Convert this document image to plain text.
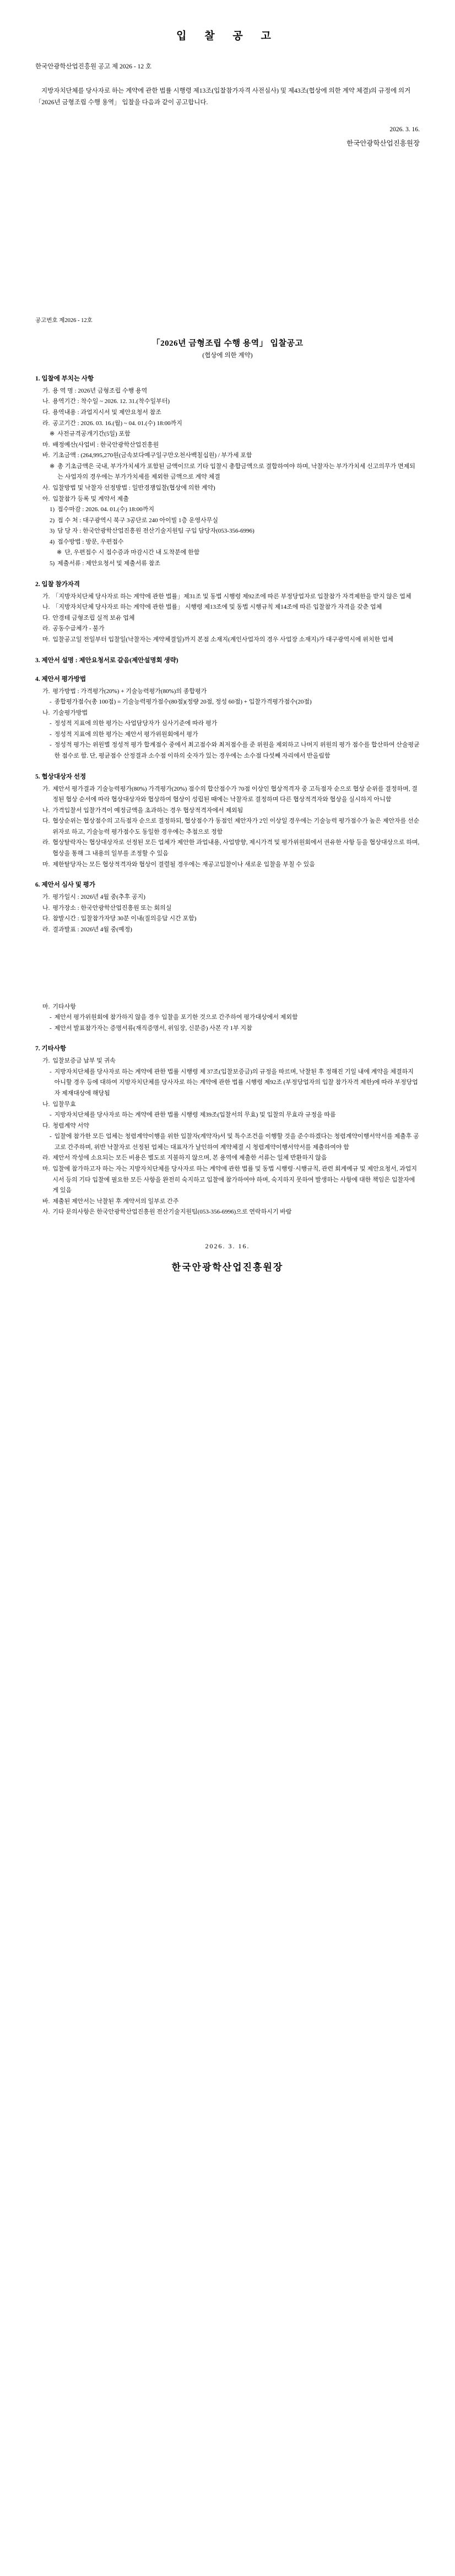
입 찰 공 고
한국안광학산업진흥원 공고 제 2026 - 12 호
지방자치단체를 당사자로 하는 계약에 관한 법률 시행령 제13조(입찰참가자격 사전심사) 및 제43조(협상에 의한 계약 체결)의 규정에 의거 「2026년 금형조립 수행 용역」 입찰을 다음과 같이 공고합니다.
2026. 3. 16.
한국안광학산업진흥원장
공고번호 제2026 - 12호
「2026년 금형조립 수행 용역」 입찰공고
(협상에 의한 계약)
1. 입찰에 부치는 사항
가. 용 역 명 : 2026년 금형조립 수행 용역
나. 용역기간 : 착수일 ~ 2026. 12. 31.(착수일부터)
다. 용역내용 : 과업지시서 및 제안요청서 참조
라. 공고기간 : 2026. 03. 16.(월) ~ 04. 01.(수) 18:00까지
※ 사전규격공개기간(5일) 포함
마. 배정예산(사업비 : 한국안광학산업진흥원
바. 기초금액 : (264,995,270원(금속보다예구일구만오천사백칠십원) / 부가세 포함
※ 총 기초금액은 국내, 부가가치세가 포함된 금액이므로 기타 입찰시 총합금액으로 결합하여야 하며, 낙찰자는 부가가치세 신고의무가 면제되는 사업자의 경우에는 부가가치세를 제외한 금액으로 계약 체결
사. 입찰방법 및 낙찰자 선정방법 : 일반경쟁입찰(협상에 의한 계약)
아. 입찰참가 등록 및 계약서 제출
1) 접수마감 : 2026. 04. 01.(수) 18:00까지
2) 접 수 처 : 대구광역시 북구 3공단로 240 아이빌 1층 운영사무실
3) 담 당 자 : 한국안광학산업진흥원 전산기술지원팀 구입 담당자(053-356-6996)
4) 접수방법 : 방문, 우편접수
※ 단, 우편접수 시 접수증과 마감시간 내 도착분에 한함
5) 제출서류 : 제안요청서 및 제출서류 참조
2. 입찰 참가자격
가. 「지방자치단체 당사자로 하는 계약에 관한 법률」제31조 및 동법 시행령 제92조에 따른 부정당업자로 입찰참가 자격제한을 받지 않은 업체
나. 「지방자치단체 당사자로 하는 계약에 관한 법률」 시행령 제13조에 및 동법 시행규칙 제14조에 따른 입찰참가 자격을 갖춘 업체
다. 안경테 금형조립 실적 보유 업체
라. 공동수급체가 - 불가
마. 입찰공고일 전일부터 입찰일(낙찰자는 계약체결일)까지 본점 소재지(계인사업자의 경우 사업장 소재지)가 대구광역시에 위치한 업체
3. 제안서 설명 : 제안요청서로 갈음(제안설명회 생략)
4. 제안서 평가방법
가. 평가방법 : 가격평가(20%) + 기술능력평가(80%)의 종합평가
- 종합평가점수(총 100점) = 기술능력평가점수(80점)(정량 20점, 정성 60점) + 입찰가격평가점수(20점)
나. 기술평가방법
- 정성적 지표에 의한 평가는 사업담당자가 심사기준에 따라 평가
- 정성적 지표에 의한 평가는 제안서 평가위원회에서 평가
- 정성적 평가는 위원별 정성적 평가 합계점수 중에서 최고점수와 최저점수를 준 위원을 제외하고 나머지 위원의 평가 점수를 합산하여 산술평균한 점수로 함. 단, 평균점수 산정결과 소수점 이하의 숫자가 있는 경우에는 소수점 다섯째 자리에서 반올림함
5. 협상대상자 선정
가. 제안서 평가결과 기술능력평가(80%) 가격평가(20%) 점수의 합산점수가 70점 이상인 협상적격자 중 고득점자 순으로 협상 순위를 결정하며, 결정된 협상 순서에 따라 협상대상자와 협상하여 협상이 성립된 때에는 낙찰자로 결정하며 다른 협상적격자와 협상을 실시하지 아니함
나. 가격입찰서 입찰가격이 예정금액을 초과하는 경우 협상적격자에서 제외됨
다. 협상순위는 협상점수의 고득점자 순으로 결정하되, 협상점수가 동점인 제안자가 2인 이상일 경우에는 기술능력 평가점수가 높은 제안자를 선순위자로 하고, 기술능력 평가점수도 동일한 경우에는 추첨으로 정함
라. 협상탈락자는 협상대상자로 선정된 모든 업체가 제안한 과업내용, 사업방향, 제시가격 및 평가위원회에서 권유한 사항 등을 협상대상으로 하며, 협상을 통해 그 내용의 일부를 조정할 수 있음
마. 제한탈당자는 모든 협상적격자와 협상이 결렬될 경우에는 재공고입찰이나 새로운 입찰을 부칠 수 있음
6. 제안서 심사 및 평가
가. 평가일시 : 2026년 4월 중(추후 공지)
나. 평가장소 : 한국안광학산업진흥원 또는 회의실
다. 참발시간 : 입찰참가자당 30분 이내(질의응답 시간 포함)
라. 결과발표 : 2026년 4월 중(예정)
마. 기타사항
- 제안서 평가위원회에 참가하지 않을 경우 입찰을 포기한 것으로 간주하여 평가대상에서 제외함
- 제안서 발표참가자는 증명서류(재직증명서, 위임장, 신분증) 사본 각 1부 지참
7. 기타사항
가. 입찰보증금 납부 및 귀속
- 지방자치단체를 당사자로 하는 계약에 관한 법률 시행령 제 37조(입찰보증금)의 규정을 따르며, 낙찰된 후 정해진 기일 내에 계약을 체결하지 아니할 경우 등에 대하여 지방자치단체를 당사자로 하는 계약에 관한 법률 시행령 제92조 (부정당업자의 입찰 참가자격 제한)에 따라 부정당업자 제재대상에 해당됨
나. 입찰무효
- 지방자치단체를 당사자로 하는 계약에 관한 법률 시행령 제39조(입찰서의 무효) 및 입찰의 무효라 규정을 따름
다. 청렴계약 서약
- 입찰에 참가한 모든 업체는 청렴계약이행을 위한 입찰자(계약자)서 및 특수조건을 이행할 것을 준수하겠다는 청렴계약이행서약서를 제출후 공고로 간주하며, 위반 낙찰자로 선정된 업체는 대표자가 날인하여 계약체결 시 청렴계약이행서약서를 제출하여야 함
라. 제안서 작성에 소요되는 모든 비용은 별도로 지불하지 않으며, 본 용역에 제출한 서류는 일체 반환하지 않음
마. 입찰에 참가하고자 하는 자는 지방자치단체를 당사자로 하는 계약에 관한 법률 및 동법 시행령·시행규칙, 관련 회계예규 및 제안요청서, 과업지시서 등의 기타 입찰에 필요한 모든 사항을 완전히 숙지하고 입찰에 참가하여야 하며, 숙지하지 못하여 발생하는 사항에 대한 책임은 입찰자에게 있음
바. 제출된 제안서는 낙찰된 후 계약서의 일부로 간주
사. 기타 문의사항은 한국안광학산업진흥원 전산기술지원팀(053-356-6996)으로 연락하시기 바람
2026. 3. 16.
한국안광학산업진흥원장
